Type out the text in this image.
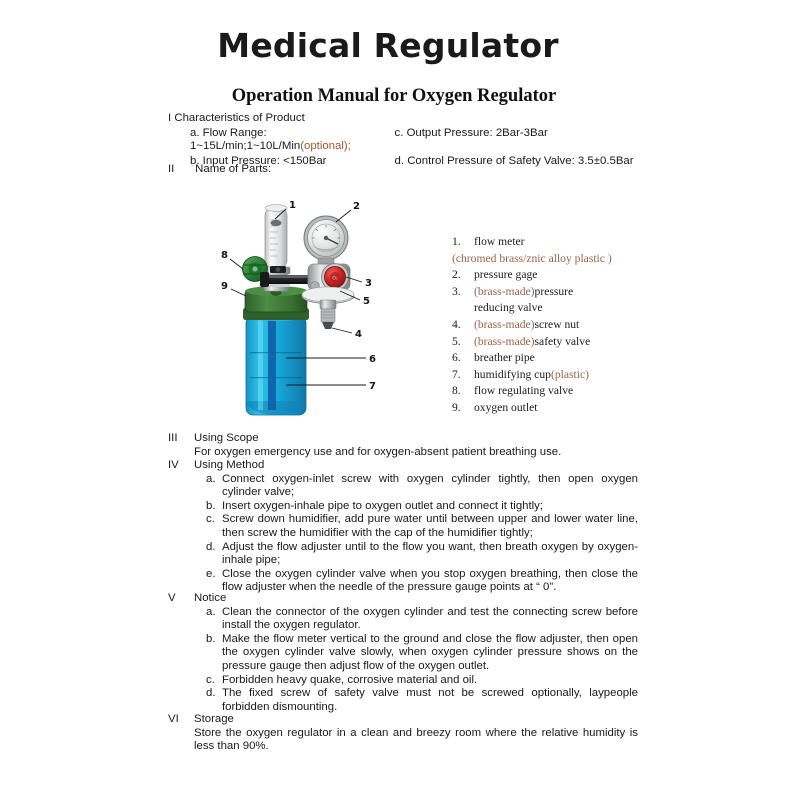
Medical Regulator
Operation Manual for Oxygen Regulator
I Characteristics of Product
a. Flow Range: 1~15L/min;1~10L/Min(optional);
c. Output Pressure: 2Bar-3Bar
b. Input Pressure: <150Bar	d. Control Pressure of Safety Valve: 3.5±0.5Bar
II Name of Parts:
O₂
1	2
3
4
5
6
7
8
9
1.	flow meter
(chromed brass/znic alloy plastic )
2.	pressure gage
3.	(brass-made)pressure
reducing valve
4.	(brass-made)screw nut
5.	(brass-made)safety valve
6.	breather pipe
7.	humidifying cup(plastic)
8.	flow regulating valve
9.	oxygen outlet
III	Using Scope
For oxygen emergency use and for oxygen-absent patient breathing use.
IV	Using Method
a. Connect oxygen-inlet screw with oxygen cylinder tightly, then open oxygen cylinder valve;
b. Insert oxygen-inhale pipe to oxygen outlet and connect it tightly;
c. Screw down humidifier, add pure water until between upper and lower water line, then screw the humidifier with the cap of the humidifier tightly;
d. Adjust the flow adjuster until to the flow you want, then breath oxygen by oxygen-inhale pipe;
e. Close the oxygen cylinder valve when you stop oxygen breathing, then close the flow adjuster when the needle of the pressure gauge points at “ 0”.
V	Notice
a. Clean the connector of the oxygen cylinder and test the connecting screw before install the oxygen regulator.
b. Make the flow meter vertical to the ground and close the flow adjuster, then open the oxygen cylinder valve slowly, when oxygen cylinder pressure shows on the pressure gauge then adjust flow of the oxygen outlet.
c. Forbidden heavy quake, corrosive material and oil.
d. The fixed screw of safety valve must not be screwed optionally, laypeople forbidden dismounting.
VI	Storage
Store the oxygen regulator in a clean and breezy room where the relative humidity is less than 90%.
